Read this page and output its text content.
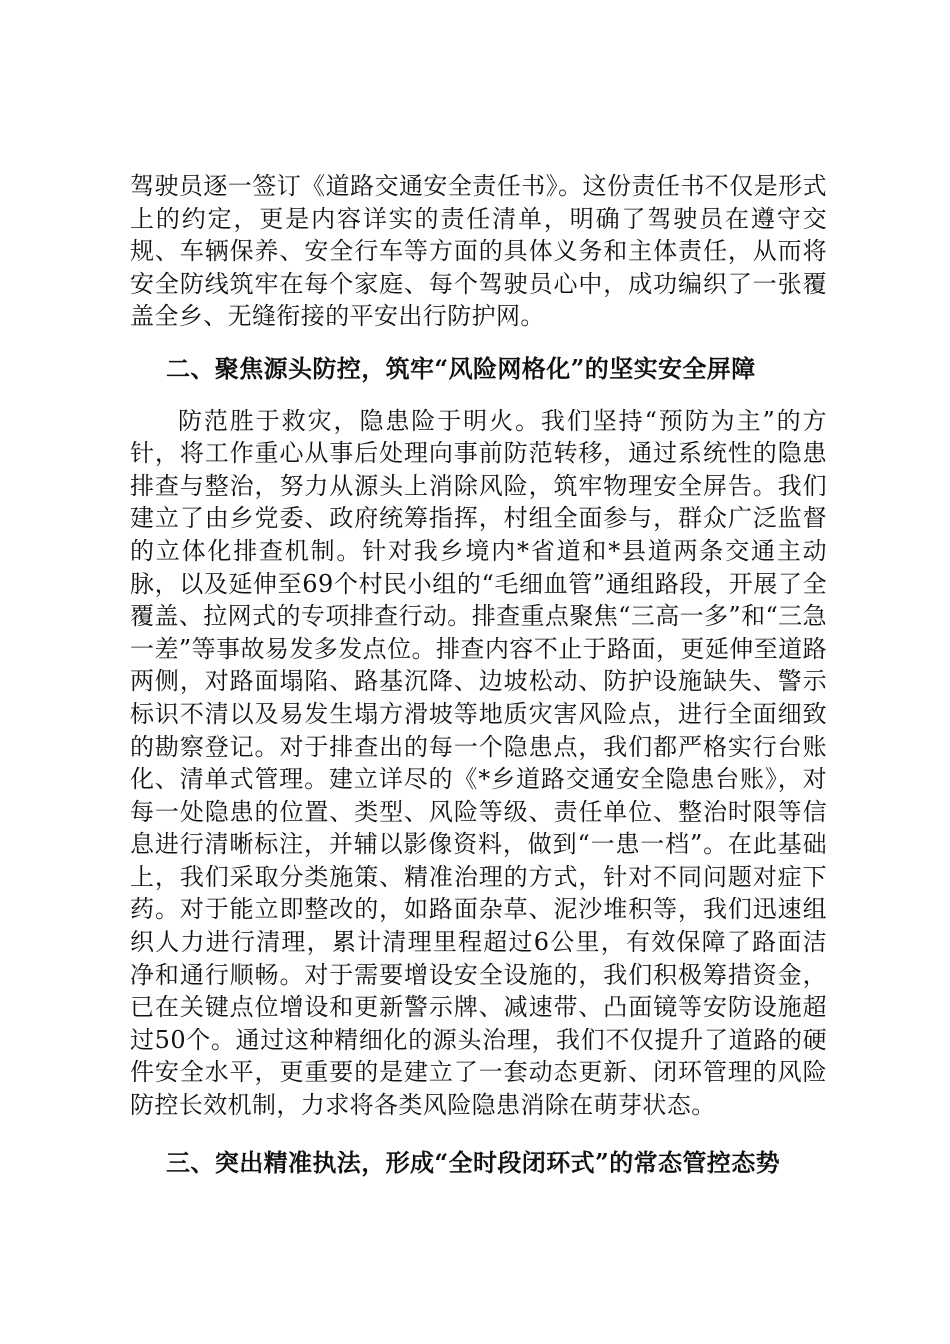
驾驶员逐一签订《道路交通安全责任书》。这份责任书不仅是形式上的约定，更是内容详实的责任清单，明确了驾驶员在遵守交规、车辆保养、安全行车等方面的具体义务和主体责任，从而将安全防线筑牢在每个家庭、每个驾驶员心中，成功编织了一张覆盖全乡、无缝衔接的平安出行防护网。

二、聚焦源头防控，筑牢“风险网格化”的坚实安全屏障

防范胜于救灾，隐患险于明火。我们坚持“预防为主”的方针，将工作重心从事后处理向事前防范转移，通过系统性的隐患排查与整治，努力从源头上消除风险，筑牢物理安全屏告。我们建立了由乡党委、政府统筹指挥，村组全面参与，群众广泛监督的立体化排查机制。针对我乡境内*省道和*县道两条交通主动脉，以及延伸至69个村民小组的“毛细血管”通组路段，开展了全覆盖、拉网式的专项排查行动。排查重点聚焦“三高一多”和“三急一差”等事故易发多发点位。排查内容不止于路面，更延伸至道路两侧，对路面塌陷、路基沉降、边坡松动、防护设施缺失、警示标识不清以及易发生塌方滑坡等地质灾害风险点，进行全面细致的勘察登记。对于排查出的每一个隐患点，我们都严格实行台账化、清单式管理。建立详尽的《*乡道路交通安全隐患台账》，对每一处隐患的位置、类型、风险等级、责任单位、整治时限等信息进行清晰标注，并辅以影像资料，做到“一患一档”。在此基础上，我们采取分类施策、精准治理的方式，针对不同问题对症下药。对于能立即整改的，如路面杂草、泥沙堆积等，我们迅速组织人力进行清理，累计清理里程超过6公里，有效保障了路面洁净和通行顺畅。对于需要增设安全设施的，我们积极筹措资金，已在关键点位增设和更新警示牌、减速带、凸面镜等安防设施超过50个。通过这种精细化的源头治理，我们不仅提升了道路的硬件安全水平，更重要的是建立了一套动态更新、闭环管理的风险防控长效机制，力求将各类风险隐患消除在萌芽状态。

三、突出精准执法，形成“全时段闭环式”的常态管控态势
